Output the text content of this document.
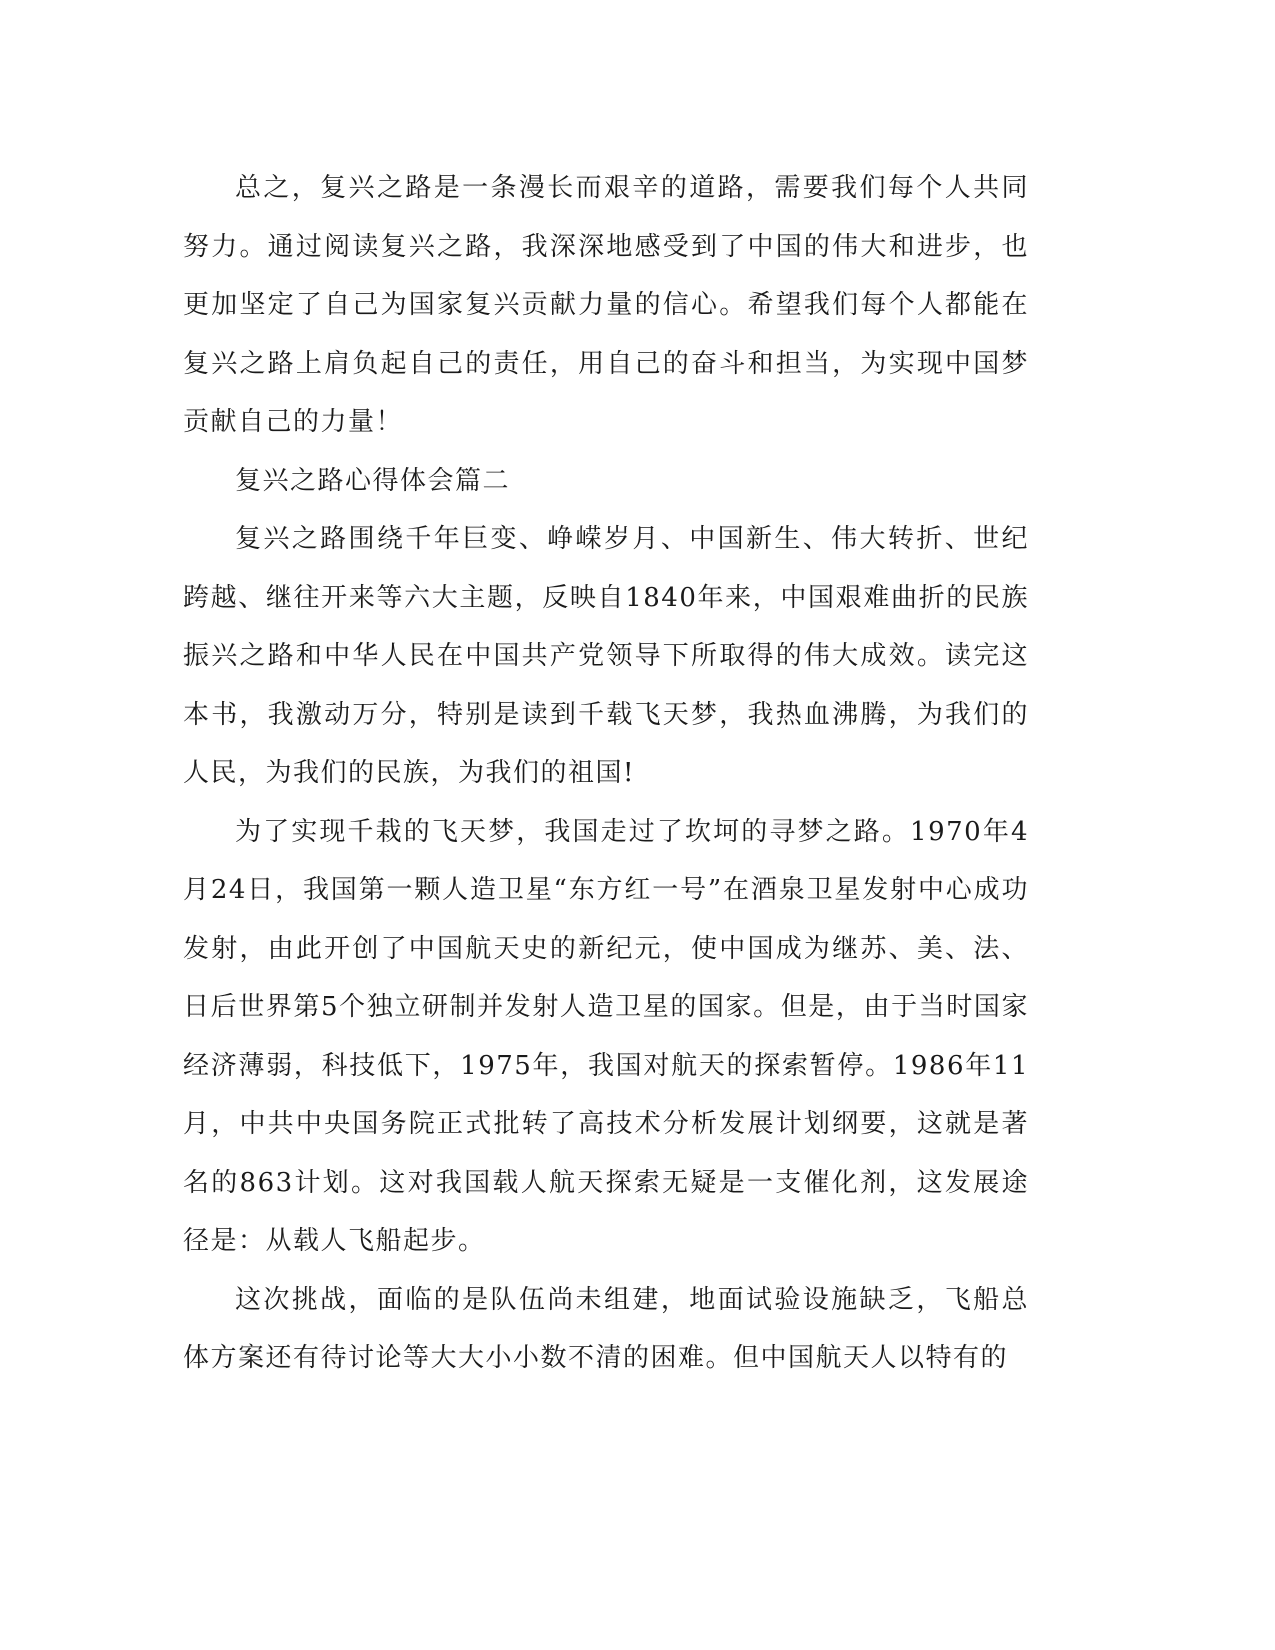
总之，复兴之路是一条漫长而艰辛的道路，需要我们每个人共同努力。通过阅读复兴之路，我深深地感受到了中国的伟大和进步，也更加坚定了自己为国家复兴贡献力量的信心。希望我们每个人都能在复兴之路上肩负起自己的责任，用自己的奋斗和担当，为实现中国梦贡献自己的力量！

复兴之路心得体会篇二

复兴之路围绕千年巨变、峥嵘岁月、中国新生、伟大转折、世纪跨越、继往开来等六大主题，反映自1840年来，中国艰难曲折的民族振兴之路和中华人民在中国共产党领导下所取得的伟大成效。读完这本书，我激动万分，特别是读到千载飞天梦，我热血沸腾，为我们的人民，为我们的民族，为我们的祖国!

为了实现千栽的飞天梦，我国走过了坎坷的寻梦之路。1970年4月24日，我国第一颗人造卫星“东方红一号”在酒泉卫星发射中心成功发射，由此开创了中国航天史的新纪元，使中国成为继苏、美、法、日后世界第5个独立研制并发射人造卫星的国家。但是，由于当时国家经济薄弱，科技低下，1975年，我国对航天的探索暂停。1986年11月，中共中央国务院正式批转了高技术分析发展计划纲要，这就是著名的863计划。这对我国载人航天探索无疑是一支催化剂，这发展途径是：从载人飞船起步。

这次挑战，面临的是队伍尚未组建，地面试验设施缺乏，飞船总体方案还有待讨论等大大小小数不清的困难。但中国航天人以特有的
